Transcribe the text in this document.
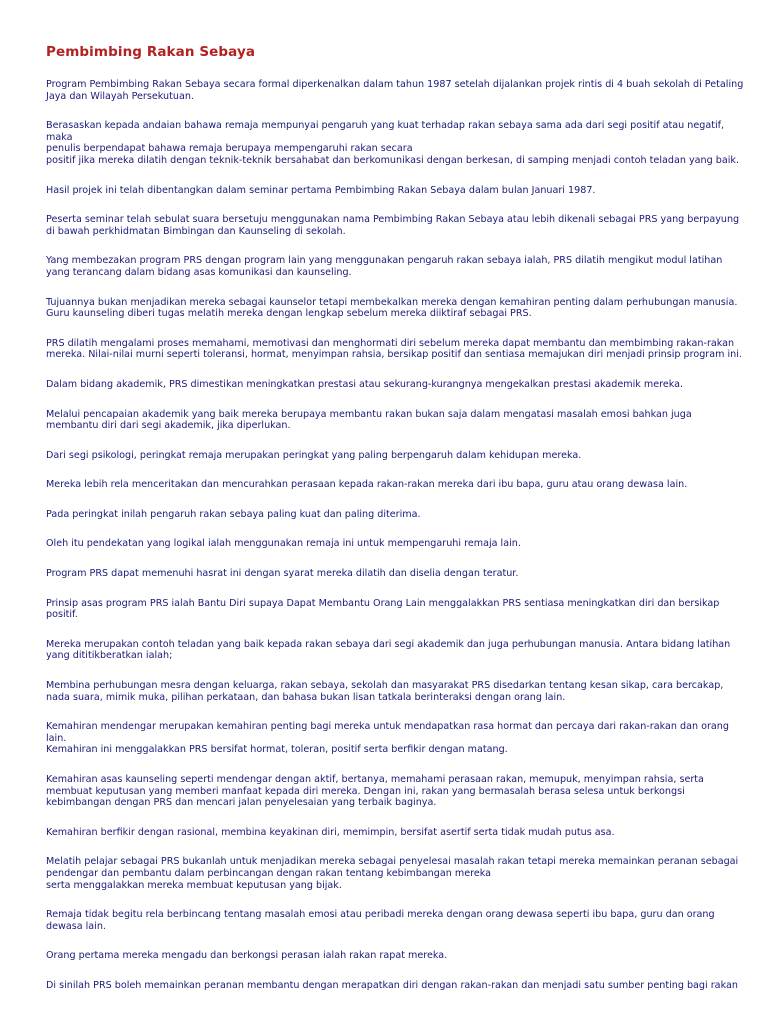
Pembimbing Rakan Sebaya

Program Pembimbing Rakan Sebaya secara formal diperkenalkan dalam tahun 1987 setelah dijalankan projek rintis di 4 buah sekolah di Petaling Jaya dan Wilayah Persekutuan.

Berasaskan kepada andaian bahawa remaja mempunyai pengaruh yang kuat terhadap rakan sebaya sama ada dari segi positif atau negatif, maka
penulis berpendapat bahawa remaja berupaya mempengaruhi rakan secara
positif jika mereka dilatih dengan teknik-teknik bersahabat dan berkomunikasi dengan berkesan, di samping menjadi contoh teladan yang baik.

Hasil projek ini telah dibentangkan dalam seminar pertama Pembimbing Rakan Sebaya dalam bulan Januari 1987.

Peserta seminar telah sebulat suara bersetuju menggunakan nama Pembimbing Rakan Sebaya atau lebih dikenali sebagai PRS yang berpayung di bawah perkhidmatan Bimbingan dan Kaunseling di sekolah.

Yang membezakan program PRS dengan program lain yang menggunakan pengaruh rakan sebaya ialah, PRS dilatih mengikut modul latihan yang terancang dalam bidang asas komunikasi dan kaunseling.

Tujuannya bukan menjadikan mereka sebagai kaunselor tetapi membekalkan mereka dengan kemahiran penting dalam perhubungan manusia.
Guru kaunseling diberi tugas melatih mereka dengan lengkap sebelum mereka diiktiraf sebagai PRS.

PRS dilatih mengalami proses memahami, memotivasi dan menghormati diri sebelum mereka dapat membantu dan membimbing rakan-rakan mereka. Nilai-nilai murni seperti toleransi, hormat, menyimpan rahsia, bersikap positif dan sentiasa memajukan diri menjadi prinsip program ini.

Dalam bidang akademik, PRS dimestikan meningkatkan prestasi atau sekurang-kurangnya mengekalkan prestasi akademik mereka.

Melalui pencapaian akademik yang baik mereka berupaya membantu rakan bukan saja dalam mengatasi masalah emosi bahkan juga membantu diri dari segi akademik, jika diperlukan.

Dari segi psikologi, peringkat remaja merupakan peringkat yang paling berpengaruh dalam kehidupan mereka.

Mereka lebih rela menceritakan dan mencurahkan perasaan kepada rakan-rakan mereka dari ibu bapa, guru atau orang dewasa lain.

Pada peringkat inilah pengaruh rakan sebaya paling kuat dan paling diterima.

Oleh itu pendekatan yang logikal ialah menggunakan remaja ini untuk mempengaruhi remaja lain.

Program PRS dapat memenuhi hasrat ini dengan syarat mereka dilatih dan diselia dengan teratur.

Prinsip asas program PRS ialah Bantu Diri supaya Dapat Membantu Orang Lain menggalakkan PRS sentiasa meningkatkan diri dan bersikap positif.

Mereka merupakan contoh teladan yang baik kepada rakan sebaya dari segi akademik dan juga perhubungan manusia. Antara bidang latihan yang dititikberatkan ialah;

Membina perhubungan mesra dengan keluarga, rakan sebaya, sekolah dan masyarakat PRS disedarkan tentang kesan sikap, cara bercakap, nada suara, mimik muka, pilihan perkataan, dan bahasa bukan lisan tatkala berinteraksi dengan orang lain.

Kemahiran mendengar merupakan kemahiran penting bagi mereka untuk mendapatkan rasa hormat dan percaya dari rakan-rakan dan orang lain.
Kemahiran ini menggalakkan PRS bersifat hormat, toleran, positif serta berfikir dengan matang.

Kemahiran asas kaunseling seperti mendengar dengan aktif, bertanya, memahami perasaan rakan, memupuk, menyimpan rahsia, serta membuat keputusan yang memberi manfaat kepada diri mereka. Dengan ini, rakan yang bermasalah berasa selesa untuk berkongsi kebimbangan dengan PRS dan mencari jalan penyelesaian yang terbaik baginya.

Kemahiran berfikir dengan rasional, membina keyakinan diri, memimpin, bersifat asertif serta tidak mudah putus asa.

Melatih pelajar sebagai PRS bukanlah untuk menjadikan mereka sebagai penyelesai masalah rakan tetapi mereka memainkan peranan sebagai
pendengar dan pembantu dalam perbincangan dengan rakan tentang kebimbangan mereka
serta menggalakkan mereka membuat keputusan yang bijak.

Remaja tidak begitu rela berbincang tentang masalah emosi atau peribadi mereka dengan orang dewasa seperti ibu bapa, guru dan orang dewasa lain.

Orang pertama mereka mengadu dan berkongsi perasan ialah rakan rapat mereka.

Di sinilah PRS boleh memainkan peranan membantu dengan merapatkan diri dengan rakan-rakan dan menjadi satu sumber penting bagi rakan
